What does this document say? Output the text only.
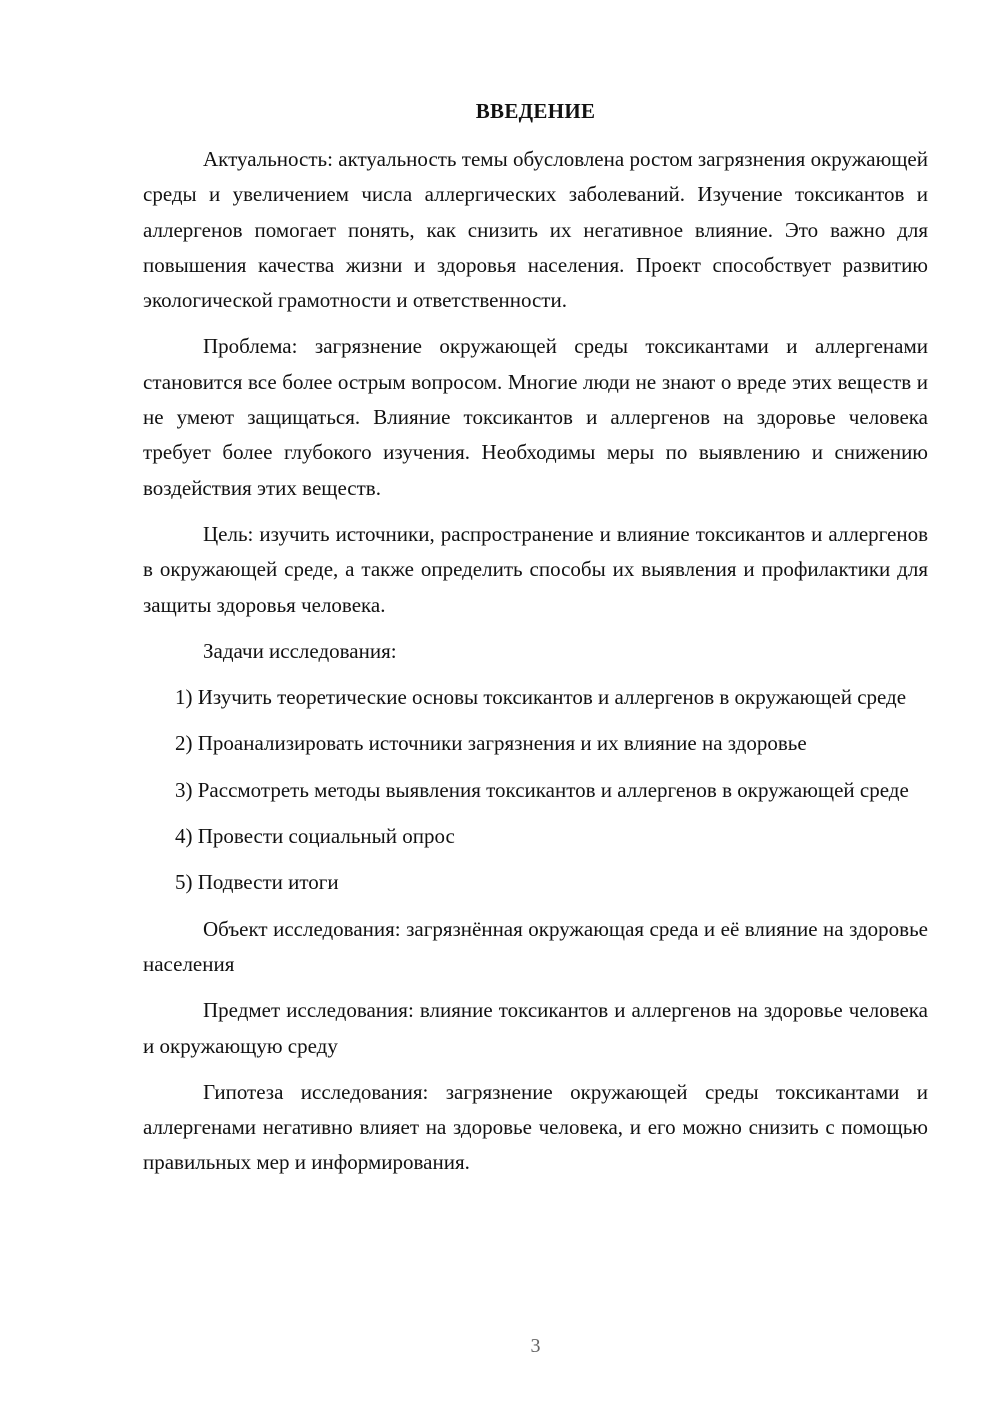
ВВЕДЕНИЕ

Актуальность: актуальность темы обусловлена ростом загрязнения окружающей среды и увеличением числа аллергических заболеваний. Изучение токсикантов и аллергенов помогает понять, как снизить их негативное влияние. Это важно для повышения качества жизни и здоровья населения. Проект способствует развитию экологической грамотности и ответственности.

Проблема: загрязнение окружающей среды токсикантами и аллергенами становится все более острым вопросом. Многие люди не знают о вреде этих веществ и не умеют защищаться. Влияние токсикантов и аллергенов на здоровье человека требует более глубокого изучения. Необходимы меры по выявлению и снижению воздействия этих веществ.

Цель: изучить источники, распространение и влияние токсикантов и аллергенов в окружающей среде, а также определить способы их выявления и профилактики для защиты здоровья человека.

Задачи исследования:

1) Изучить теоретические основы токсикантов и аллергенов в окружающей среде

2) Проанализировать источники загрязнения и их влияние на здоровье

3) Рассмотреть методы выявления токсикантов и аллергенов в окружающей среде

4) Провести социальный опрос

5) Подвести итоги

Объект исследования: загрязнённая окружающая среда и её влияние на здоровье населения

Предмет исследования: влияние токсикантов и аллергенов на здоровье человека и окружающую среду

Гипотеза исследования: загрязнение окружающей среды токсикантами и аллергенами негативно влияет на здоровье человека, и его можно снизить с помощью правильных мер и информирования.

3
